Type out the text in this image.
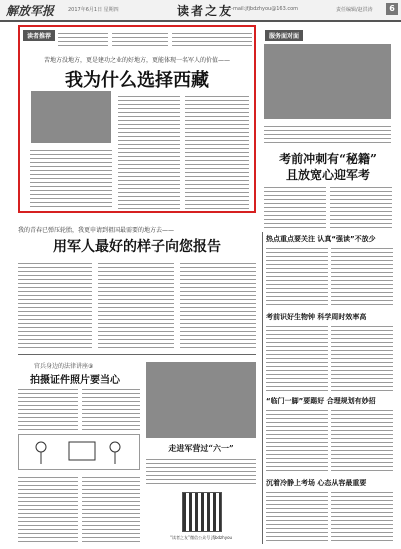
解放军报	2017年6月1日 星期四	读者之友
E-mail:jfjbdzhyou@163.com	责任编辑/赵洪涛	6
读者推荐
苦地方没地方，更是建功之业的好地方，更能体现一名军人的价值——
我为什么选择西藏
服务面对面
考前冲刺有“秘籍”
且放宽心迎军考
我的青春已弹压轮胎，我更申请到祖国最需要的地方去——
用军人最好的样子向您报告	热点重点要关注 认真“强读”不放少
考前识好生物钟 科学周时效率高
“临门一脚”要踢好 合理规划有妙招
沉着冷静上考场 心态从容最重要
官兵身边的法律讲座⑨
拍摄证件照片要当心
走进军营过“六一”
“读者之友”微信公众号 jfjbdzhyou
